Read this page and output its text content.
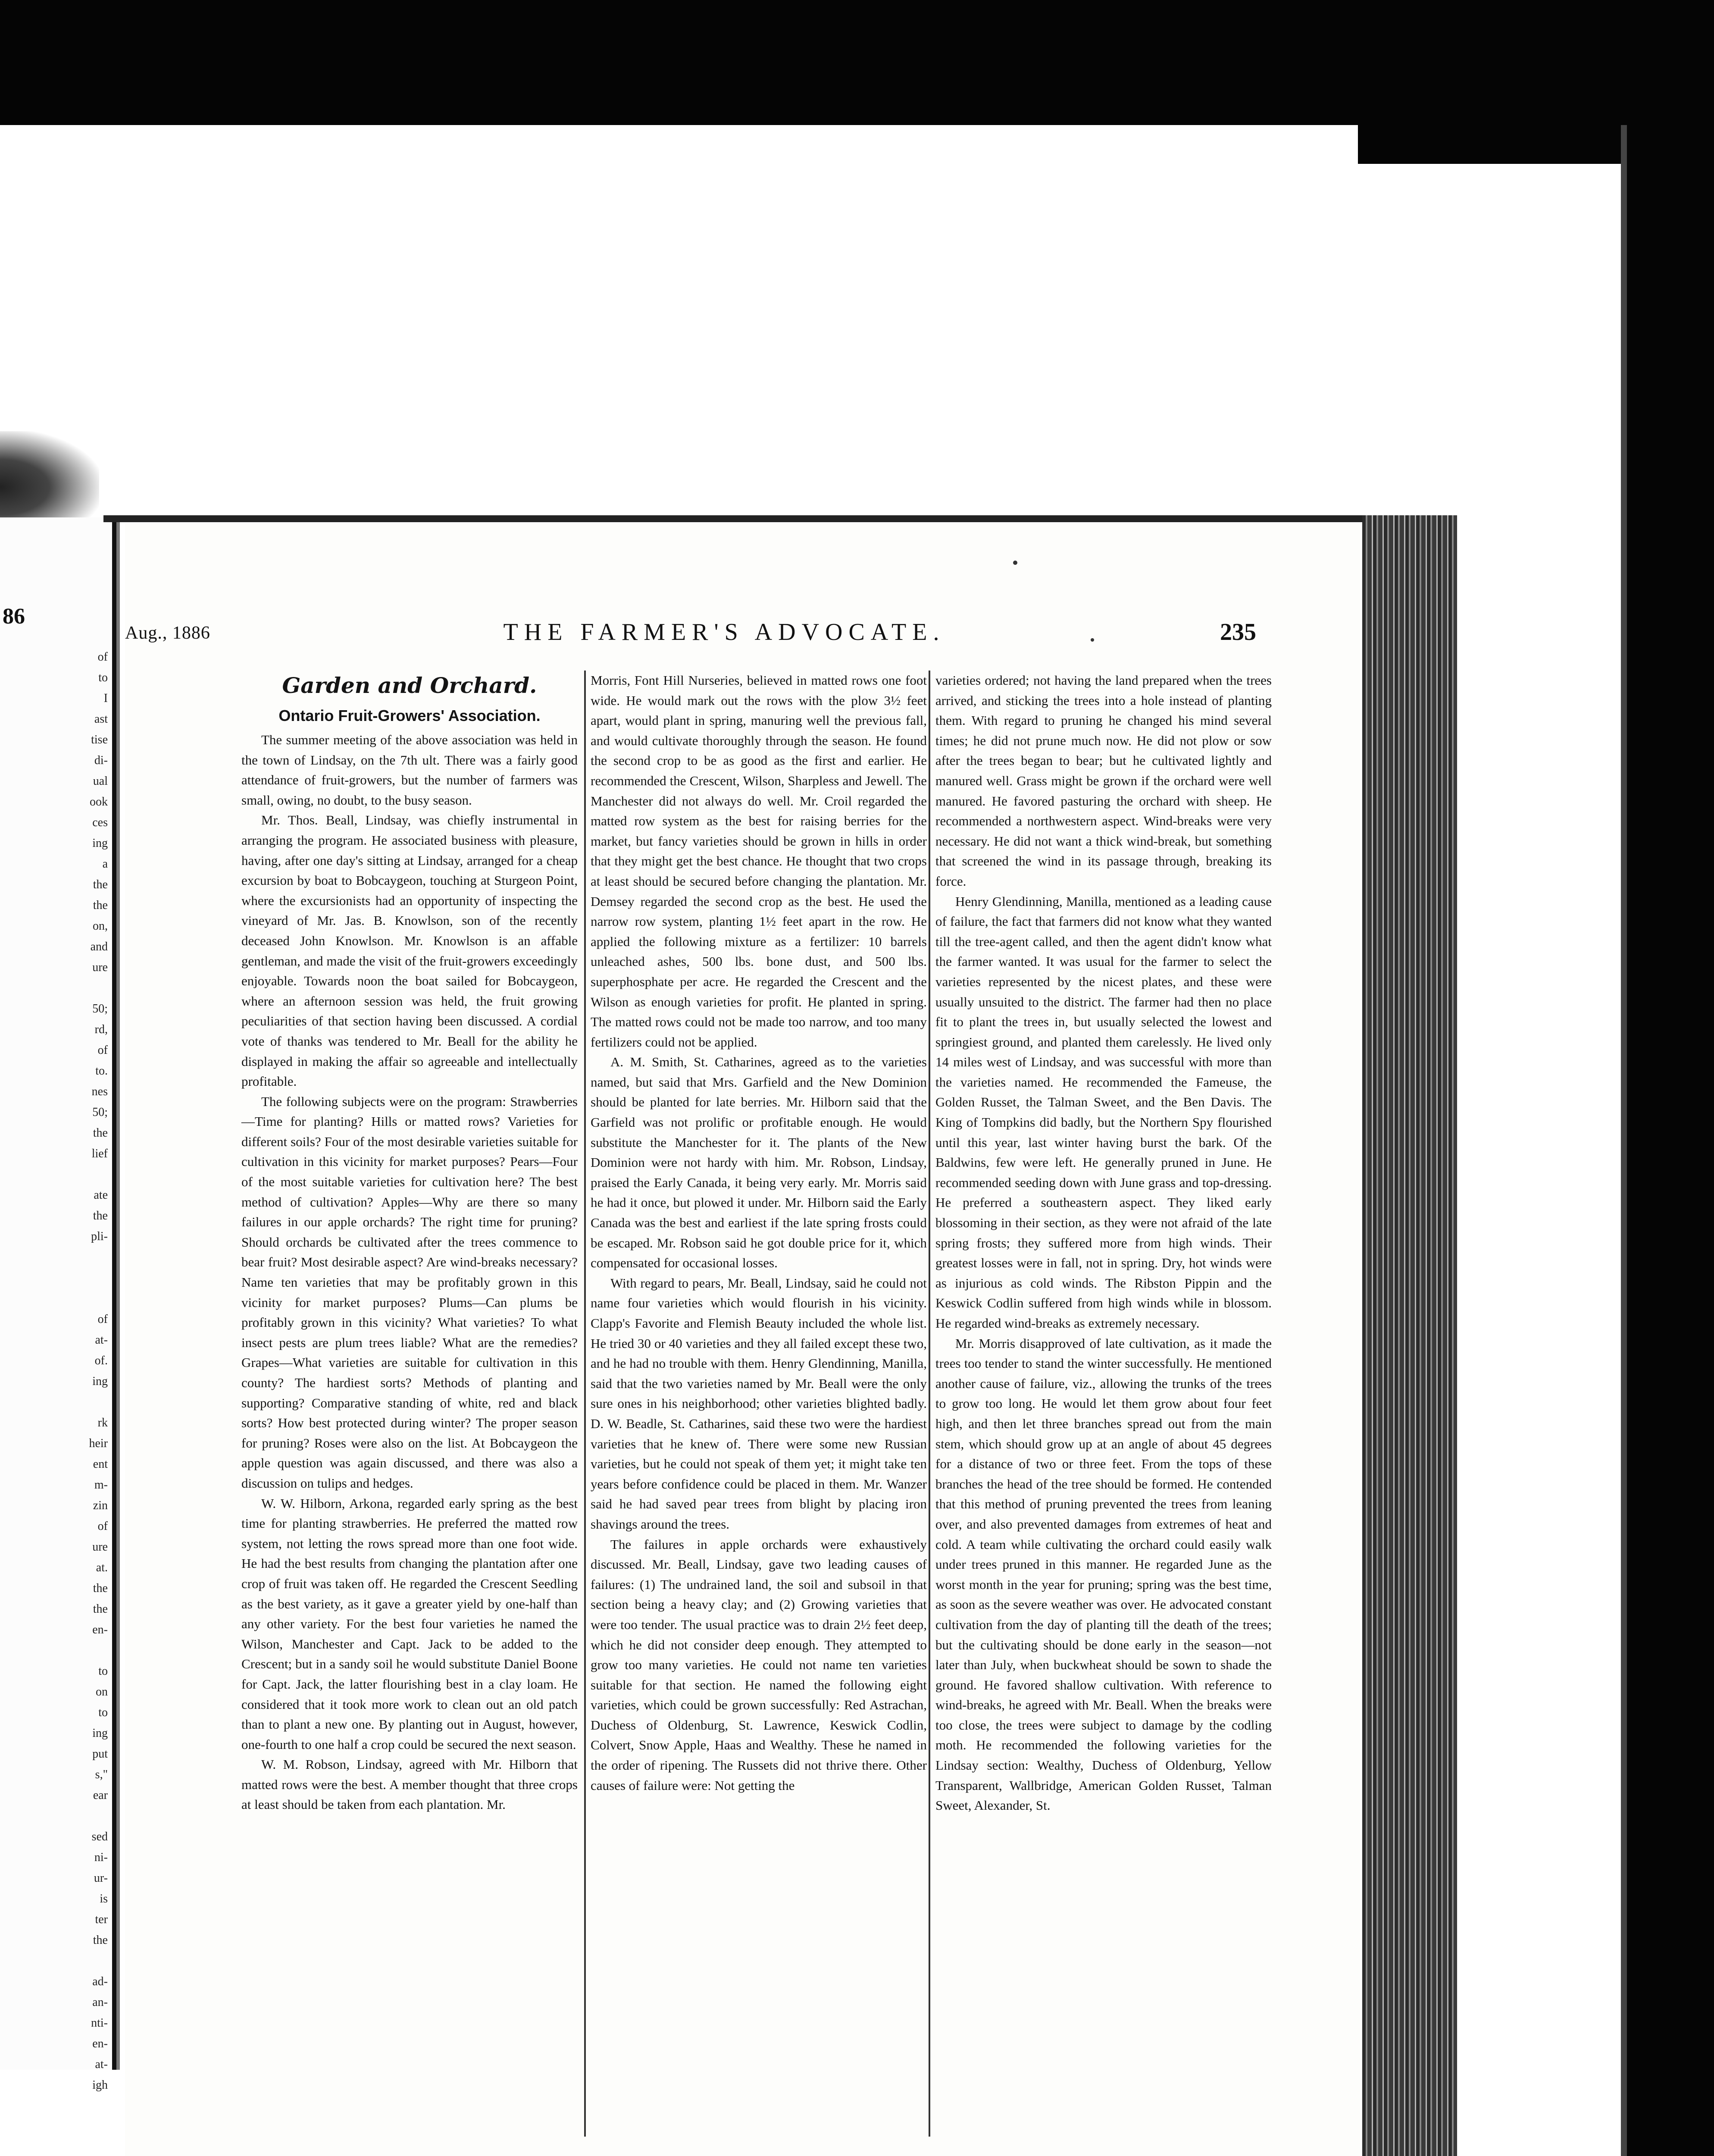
86
of
to
I
ast
tise
di-
ual
ook
ces
ing
a
the
the
on,
and
ure
50;
rd,
of
to.
nes
50;
the
lief
ate
the
pli-
of
at-
of.
ing
rk
heir
ent
m-
zin
of
ure
at.
the
the
en-
to
on
to
ing
put
s,"
ear
sed
ni-
ur-
is
ter
the
ad-
an-
nti-
en-
at-
igh
Aug., 1886	THE FARMER'S ADVOCATE.	235
Garden and Orchard.
Ontario Fruit-Growers' Association.

The summer meeting of the above association was held in the town of Lindsay, on the 7th ult. There was a fairly good attendance of fruit-growers, but the number of farmers was small, owing, no doubt, to the busy season.

Mr. Thos. Beall, Lindsay, was chiefly instrumental in arranging the program. He associated business with pleasure, having, after one day's sitting at Lindsay, arranged for a cheap excursion by boat to Bobcaygeon, touching at Sturgeon Point, where the excursionists had an opportunity of inspecting the vineyard of Mr. Jas. B. Knowlson, son of the recently deceased John Knowlson. Mr. Knowlson is an affable gentleman, and made the visit of the fruit-growers exceedingly enjoyable. Towards noon the boat sailed for Bobcaygeon, where an afternoon session was held, the fruit growing peculiarities of that section having been discussed. A cordial vote of thanks was tendered to Mr. Beall for the ability he displayed in making the affair so agreeable and intellectually profitable.

The following subjects were on the program: Strawberries—Time for planting? Hills or matted rows? Varieties for different soils? Four of the most desirable varieties suitable for cultivation in this vicinity for market purposes? Pears—Four of the most suitable varieties for cultivation here? The best method of cultivation? Apples—Why are there so many failures in our apple orchards? The right time for pruning? Should orchards be cultivated after the trees commence to bear fruit? Most desirable aspect? Are wind-breaks necessary? Name ten varieties that may be profitably grown in this vicinity for market purposes? Plums—Can plums be profitably grown in this vicinity? What varieties? To what insect pests are plum trees liable? What are the remedies? Grapes—What varieties are suitable for cultivation in this county? The hardiest sorts? Methods of planting and supporting? Comparative standing of white, red and black sorts? How best protected during winter? The proper season for pruning? Roses were also on the list. At Bobcaygeon the apple question was again discussed, and there was also a discussion on tulips and hedges.

W. W. Hilborn, Arkona, regarded early spring as the best time for planting strawberries. He preferred the matted row system, not letting the rows spread more than one foot wide. He had the best results from changing the plantation after one crop of fruit was taken off. He regarded the Crescent Seedling as the best variety, as it gave a greater yield by one-half than any other variety. For the best four varieties he named the Wilson, Manchester and Capt. Jack to be added to the Crescent; but in a sandy soil he would substitute Daniel Boone for Capt. Jack, the latter flourishing best in a clay loam. He considered that it took more work to clean out an old patch than to plant a new one. By planting out in August, however, one-fourth to one half a crop could be secured the next season.

W. M. Robson, Lindsay, agreed with Mr. Hilborn that matted rows were the best. A member thought that three crops at least should be taken from each plantation. Mr.

Morris, Font Hill Nurseries, believed in matted rows one foot wide. He would mark out the rows with the plow 3½ feet apart, would plant in spring, manuring well the previous fall, and would cultivate thoroughly through the season. He found the second crop to be as good as the first and earlier. He recommended the Crescent, Wilson, Sharpless and Jewell. The Manchester did not always do well. Mr. Croil regarded the matted row system as the best for raising berries for the market, but fancy varieties should be grown in hills in order that they might get the best chance. He thought that two crops at least should be secured before changing the plantation. Mr. Demsey regarded the second crop as the best. He used the narrow row system, planting 1½ feet apart in the row. He applied the following mixture as a fertilizer: 10 barrels unleached ashes, 500 lbs. bone dust, and 500 lbs. superphosphate per acre. He regarded the Crescent and the Wilson as enough varieties for profit. He planted in spring. The matted rows could not be made too narrow, and too many fertilizers could not be applied.

A. M. Smith, St. Catharines, agreed as to the varieties named, but said that Mrs. Garfield and the New Dominion should be planted for late berries. Mr. Hilborn said that the Garfield was not prolific or profitable enough. He would substitute the Manchester for it. The plants of the New Dominion were not hardy with him. Mr. Robson, Lindsay, praised the Early Canada, it being very early. Mr. Morris said he had it once, but plowed it under. Mr. Hilborn said the Early Canada was the best and earliest if the late spring frosts could be escaped. Mr. Robson said he got double price for it, which compensated for occasional losses.

With regard to pears, Mr. Beall, Lindsay, said he could not name four varieties which would flourish in his vicinity. Clapp's Favorite and Flemish Beauty included the whole list. He tried 30 or 40 varieties and they all failed except these two, and he had no trouble with them. Henry Glendinning, Manilla, said that the two varieties named by Mr. Beall were the only sure ones in his neighborhood; other varieties blighted badly. D. W. Beadle, St. Catharines, said these two were the hardiest varieties that he knew of. There were some new Russian varieties, but he could not speak of them yet; it might take ten years before confidence could be placed in them. Mr. Wanzer said he had saved pear trees from blight by placing iron shavings around the trees.

The failures in apple orchards were exhaustively discussed. Mr. Beall, Lindsay, gave two leading causes of failures: (1) The undrained land, the soil and subsoil in that section being a heavy clay; and (2) Growing varieties that were too tender. The usual practice was to drain 2½ feet deep, which he did not consider deep enough. They attempted to grow too many varieties. He could not name ten varieties suitable for that section. He named the following eight varieties, which could be grown successfully: Red Astrachan, Duchess of Oldenburg, St. Lawrence, Keswick Codlin, Colvert, Snow Apple, Haas and Wealthy. These he named in the order of ripening. The Russets did not thrive there. Other causes of failure were: Not getting the

varieties ordered; not having the land prepared when the trees arrived, and sticking the trees into a hole instead of planting them. With regard to pruning he changed his mind several times; he did not prune much now. He did not plow or sow after the trees began to bear; but he cultivated lightly and manured well. Grass might be grown if the orchard were well manured. He favored pasturing the orchard with sheep. He recommended a northwestern aspect. Wind-breaks were very necessary. He did not want a thick wind-break, but something that screened the wind in its passage through, breaking its force.

Henry Glendinning, Manilla, mentioned as a leading cause of failure, the fact that farmers did not know what they wanted till the tree-agent called, and then the agent didn't know what the farmer wanted. It was usual for the farmer to select the varieties represented by the nicest plates, and these were usually unsuited to the district. The farmer had then no place fit to plant the trees in, but usually selected the lowest and springiest ground, and planted them carelessly. He lived only 14 miles west of Lindsay, and was successful with more than the varieties named. He recommended the Fameuse, the Golden Russet, the Talman Sweet, and the Ben Davis. The King of Tompkins did badly, but the Northern Spy flourished until this year, last winter having burst the bark. Of the Baldwins, few were left. He generally pruned in June. He recommended seeding down with June grass and top-dressing. He preferred a southeastern aspect. They liked early blossoming in their section, as they were not afraid of the late spring frosts; they suffered more from high winds. Their greatest losses were in fall, not in spring. Dry, hot winds were as injurious as cold winds. The Ribston Pippin and the Keswick Codlin suffered from high winds while in blossom. He regarded wind-breaks as extremely necessary.

Mr. Morris disapproved of late cultivation, as it made the trees too tender to stand the winter successfully. He mentioned another cause of failure, viz., allowing the trunks of the trees to grow too long. He would let them grow about four feet high, and then let three branches spread out from the main stem, which should grow up at an angle of about 45 degrees for a distance of two or three feet. From the tops of these branches the head of the tree should be formed. He contended that this method of pruning prevented the trees from leaning over, and also prevented damages from extremes of heat and cold. A team while cultivating the orchard could easily walk under trees pruned in this manner. He regarded June as the worst month in the year for pruning; spring was the best time, as soon as the severe weather was over. He advocated constant cultivation from the day of planting till the death of the trees; but the cultivating should be done early in the season—not later than July, when buckwheat should be sown to shade the ground. He favored shallow cultivation. With reference to wind-breaks, he agreed with Mr. Beall. When the breaks were too close, the trees were subject to damage by the codling moth. He recommended the following varieties for the Lindsay section: Wealthy, Duchess of Oldenburg, Yellow Transparent, Wallbridge, American Golden Russet, Talman Sweet, Alexander, St.
